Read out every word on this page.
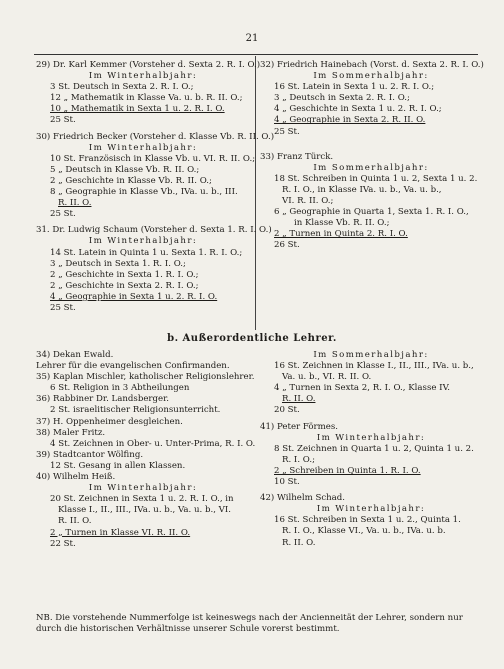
21
29) Dr. Karl Kemmer (Vorsteher d. Sexta 2. R. I. O.)
Im Winterhalbjahr:
3 St. Deutsch in Sexta 2. R. I. O.;
12 „ Mathematik in Klasse Va. u. b. R. II. O.;
10 „ Mathematik in Sexta 1 u. 2. R. I. O.
25 St.
30) Friedrich Becker (Vorsteher d. Klasse Vb. R. II. O.)
Im Winterhalbjahr:
10 St. Französisch in Klasse Vb. u. VI. R. II. O.;
5 „ Deutsch in Klasse Vb. R. II. O.;
2 „ Geschichte in Klasse Vb. R. II. O.;
8 „ Geographie in Klasse Vb., IVa. u. b., III.
R. II. O.
25 St.
31. Dr. Ludwig Schaum (Vorsteher d. Sexta 1. R. I. O.)
Im Winterhalbjahr:
14 St. Latein in Quinta 1 u. Sexta 1. R. I. O.;
3 „ Deutsch in Sexta 1. R. I. O.;
2 „ Geschichte in Sexta 1. R. I. O.;
2 „ Geschichte in Sexta 2. R. I. O.;
4 „ Geographie in Sexta 1 u. 2. R. I. O.
25 St.
32) Friedrich Hainebach (Vorst. d. Sexta 2. R. I. O.)
Im Sommerhalbjahr:
16 St. Latein in Sexta 1 u. 2. R. I. O.;
3 „ Deutsch in Sexta 2. R. I. O.;
4 „ Geschichte in Sexta 1 u. 2. R. I. O.;
4 „ Geographie in Sexta 2. R. II. O.
25 St.
33) Franz Türck.
Im Sommerhalbjahr:
18 St. Schreiben in Quinta 1 u. 2, Sexta 1 u. 2.
R. I. O., in Klasse IVa. u. b., Va. u. b.,
VI. R. II. O.;
6 „ Geographie in Quarta 1, Sexta 1. R. I. O.,
in Klasse Vb. R. II. O.;
2 „ Turnen in Quinta 2. R. I. O.
26 St.
b. Außerordentliche Lehrer.
34) Dekan Ewald.
Lehrer für die evangelischen Confirmanden.
35) Kaplan Mischler, katholischer Religionslehrer.
6 St. Religion in 3 Abtheilungen
36) Rabbiner Dr. Landsberger.
2 St. israelitischer Religionsunterricht.
37) H. Oppenheimer desgleichen.
38) Maler Fritz.
4 St. Zeichnen in Ober- u. Unter-Prima, R. I. O.
39) Stadtcantor Wölfing.
12 St. Gesang in allen Klassen.
40) Wilhelm Heiß.
Im Winterhalbjahr:
20 St. Zeichnen in Sexta 1 u. 2. R. I. O., in
Klasse I., II., III., IVa. u. b., Va. u. b., VI.
R. II. O.
2 „ Turnen in Klasse VI. R. II. O.
22 St.
Im Sommerhalbjahr:
16 St. Zeichnen in Klasse I., II., III., IVa. u. b.,
Va. u. b., VI. R. II. O.
4 „ Turnen in Sexta 2, R. I. O., Klasse IV.
R. II. O.
20 St.
41) Peter Förmes.
Im Winterhalbjahr:
8 St. Zeichnen in Quarta 1 u. 2, Quinta 1 u. 2.
R. I. O.;
2 „ Schreiben in Quinta 1. R. I. O.
10 St.
42) Wilhelm Schad.
Im Winterhalbjahr:
16 St. Schreiben in Sexta 1 u. 2., Quinta 1.
R. I. O., Klasse VI., Va. u. b., IVa. u. b.
R. II. O.
NB. Die vorstehende Nummerfolge ist keineswegs nach der Ancienneität der Lehrer, sondern nur durch die historischen Verhältnisse unserer Schule vorerst bestimmt.
